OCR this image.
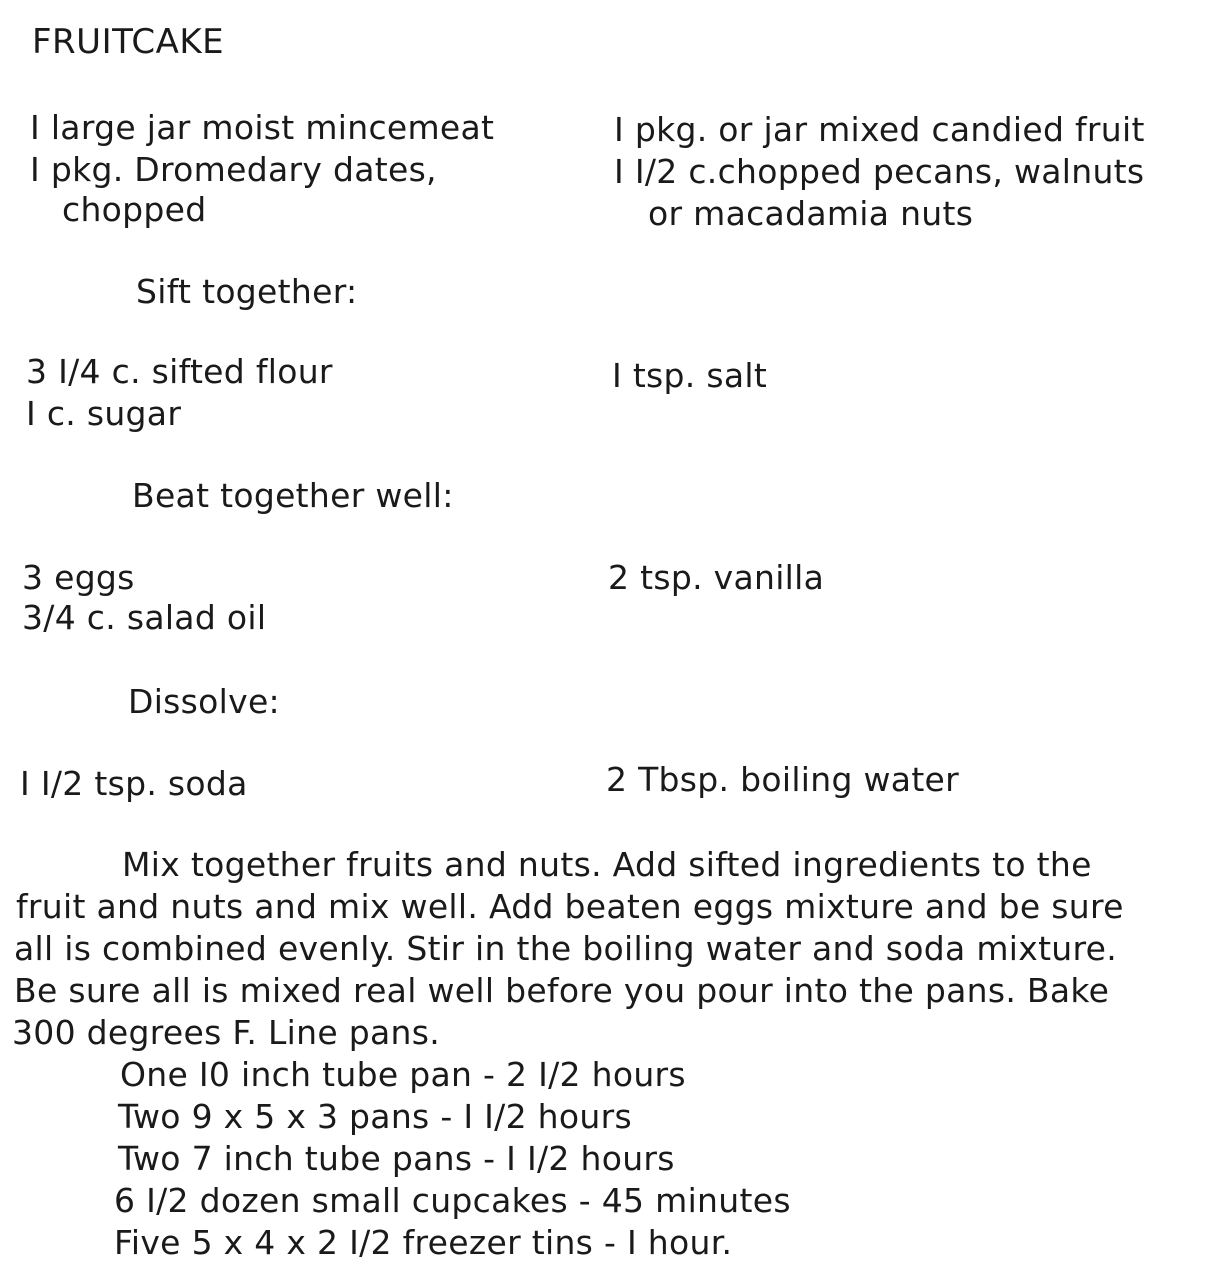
FRUITCAKE
I large jar moist mincemeat
I pkg. Dromedary dates,
chopped
I pkg. or jar mixed candied fruit
I I/2 c.chopped pecans, walnuts
or macadamia nuts
Sift together:
3 I/4 c. sifted flour
I c. sugar
I tsp. salt
Beat together well:
3 eggs
3/4 c. salad oil
2 tsp. vanilla
Dissolve:
I I/2 tsp. soda	2 Tbsp. boiling water
Mix together fruits and nuts. Add sifted ingredients to the
fruit and nuts and mix well. Add beaten eggs mixture and be sure
all is combined evenly. Stir in the boiling water and soda mixture.
Be sure all is mixed real well before you pour into the pans. Bake
300 degrees F. Line pans.
One I0 inch tube pan - 2 I/2 hours
Two 9 x 5 x 3 pans - I I/2 hours
Two 7 inch tube pans - I I/2 hours
6 I/2 dozen small cupcakes - 45 minutes
Five 5 x 4 x 2 I/2 freezer tins - I hour.
